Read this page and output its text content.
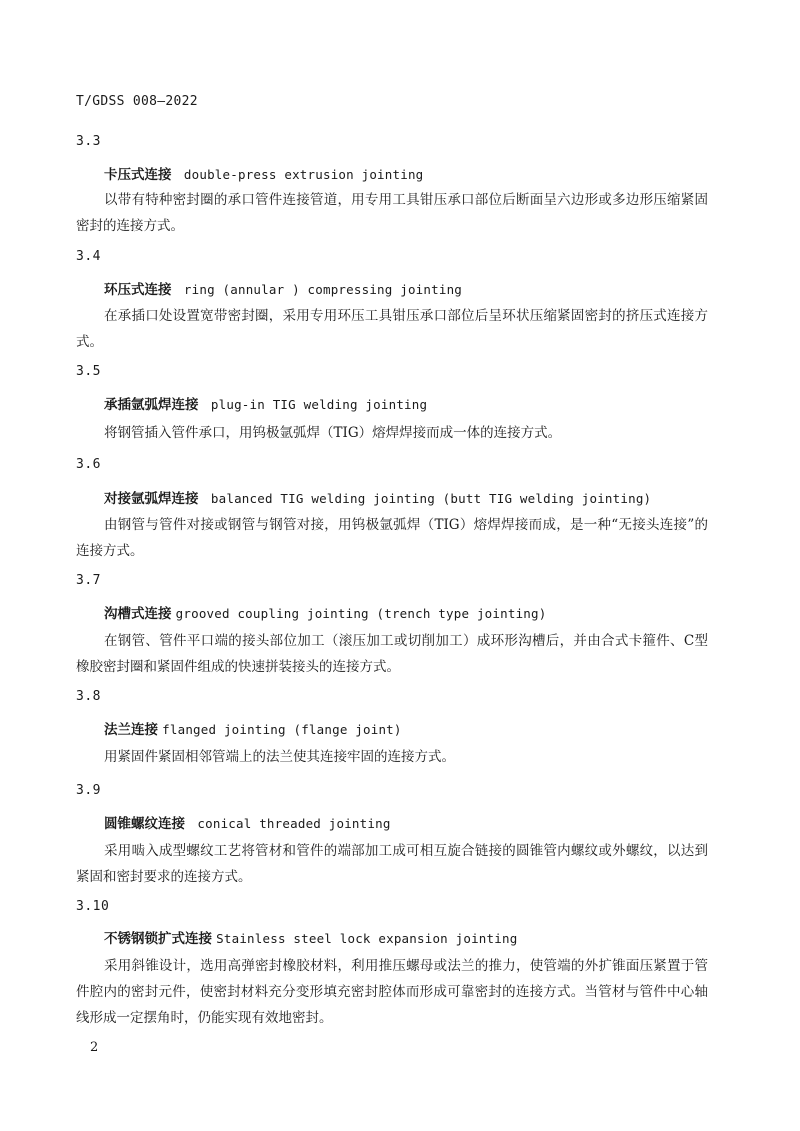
T/GDSS 008—2022
3.3
卡压式连接 double-press extrusion jointing
以带有特种密封圈的承口管件连接管道，用专用工具钳压承口部位后断面呈六边形或多边形压缩紧固密封的连接方式。
3.4
环压式连接 ring (annular ) compressing jointing
在承插口处设置宽带密封圈，采用专用环压工具钳压承口部位后呈环状压缩紧固密封的挤压式连接方式。
3.5
承插氩弧焊连接 plug-in TIG welding jointing
将钢管插入管件承口，用钨极氩弧焊（TIG）熔焊焊接而成一体的连接方式。
3.6
对接氩弧焊连接 balanced TIG welding jointing (butt TIG welding jointing)
由钢管与管件对接或钢管与钢管对接，用钨极氩弧焊（TIG）熔焊焊接而成，是一种“无接头连接”的连接方式。
3.7
沟槽式连接 grooved coupling jointing (trench type jointing)
在钢管、管件平口端的接头部位加工（滚压加工或切削加工）成环形沟槽后，并由合式卡箍件、C型橡胶密封圈和紧固件组成的快速拼装接头的连接方式。
3.8
法兰连接 flanged jointing (flange joint)
用紧固件紧固相邻管端上的法兰使其连接牢固的连接方式。
3.9
圆锥螺纹连接 conical threaded jointing
采用啮入成型螺纹工艺将管材和管件的端部加工成可相互旋合链接的圆锥管内螺纹或外螺纹，以达到紧固和密封要求的连接方式。
3.10
不锈钢锁扩式连接 Stainless steel lock expansion jointing
采用斜锥设计，选用高弹密封橡胶材料，利用推压螺母或法兰的推力，使管端的外扩锥面压紧置于管件腔内的密封元件，使密封材料充分变形填充密封腔体而形成可靠密封的连接方式。当管材与管件中心轴线形成一定摆角时，仍能实现有效地密封。
2
